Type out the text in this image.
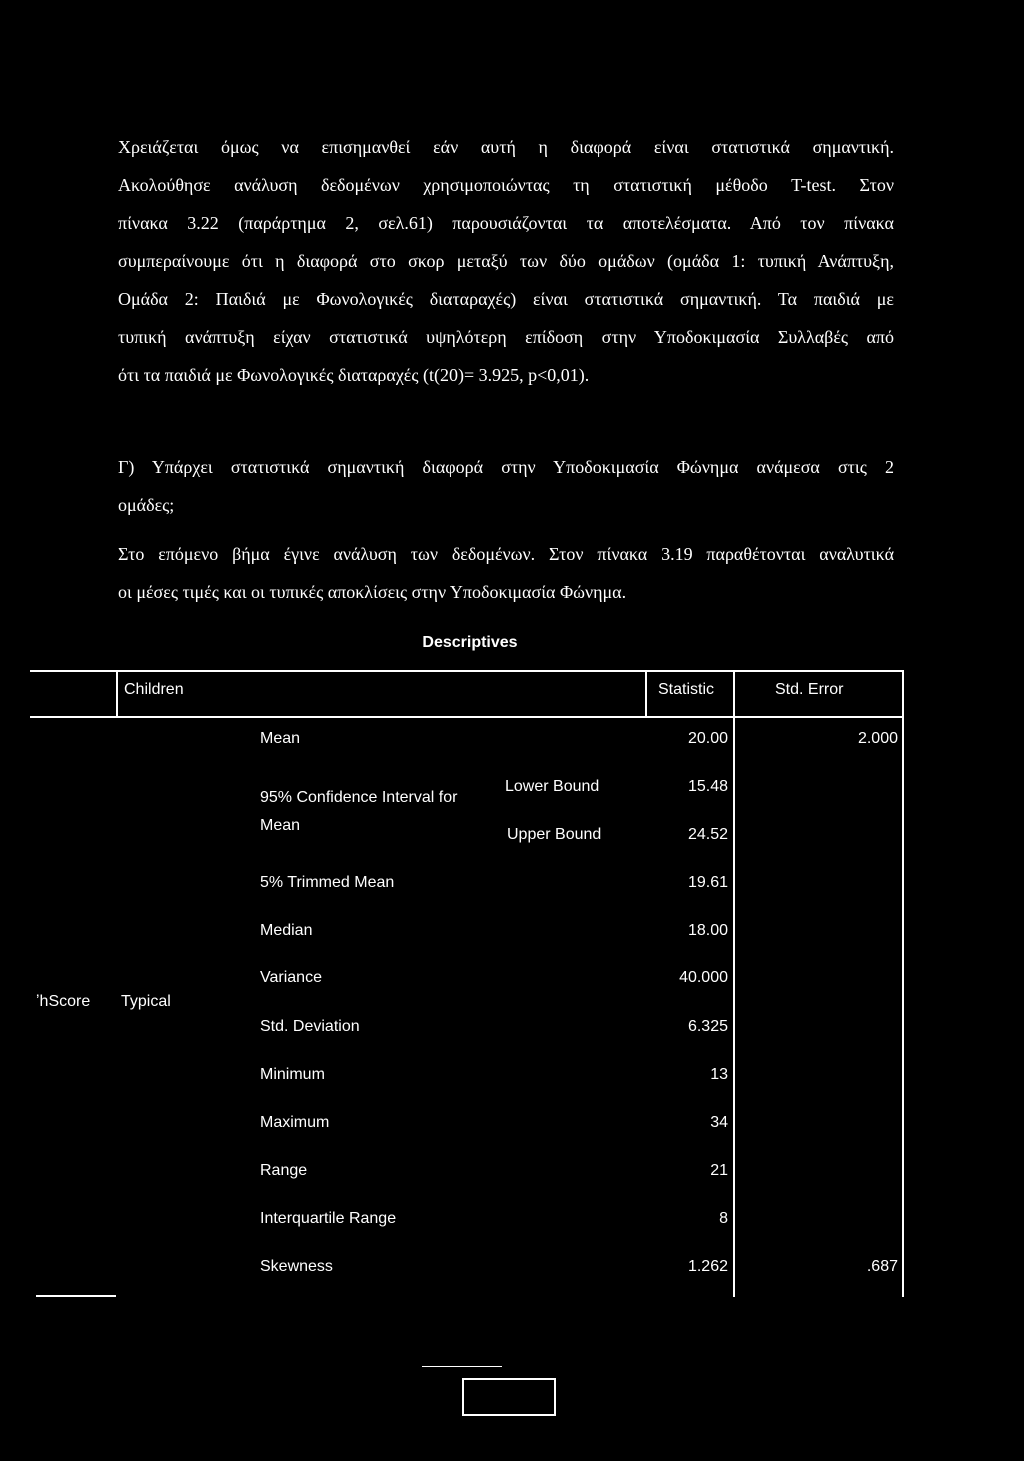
Χρειάζεται όμως να επισημανθεί εάν αυτή η διαφορά είναι στατιστικά σημαντική.
Ακολούθησε ανάλυση δεδομένων χρησιμοποιώντας τη στατιστική μέθοδο T-test. Στον
πίνακα 3.22 (παράρτημα 2, σελ.61) παρουσιάζονται τα αποτελέσματα. Από τον πίνακα
συμπεραίνουμε ότι η διαφορά στο σκορ μεταξύ των δύο ομάδων (ομάδα 1: τυπική Ανάπτυξη,
Ομάδα 2: Παιδιά με Φωνολογικές διαταραχές) είναι στατιστικά σημαντική. Τα παιδιά με
τυπική ανάπτυξη είχαν στατιστικά υψηλότερη επίδοση στην Υποδοκιμασία Συλλαβές από
ότι τα παιδιά με Φωνολογικές διαταραχές (t(20)= 3.925, p<0,01).
Γ) Υπάρχει στατιστικά σημαντική διαφορά στην Υποδοκιμασία Φώνημα ανάμεσα στις 2
ομάδες;
Στο επόμενο βήμα έγινε ανάλυση των δεδομένων. Στον πίνακα 3.19 παραθέτονται αναλυτικά
οι μέσες τιμές και οι τυπικές αποκλίσεις στην Υποδοκιμασία Φώνημα.
Descriptives
Children	Statistic	Std. Error
ʼhScore Typical
Mean	20.00	2.000
95% Confidence Interval for
Mean
Lower Bound	15.48
Upper Bound	24.52
5% Trimmed Mean	19.61
Median	18.00
Variance	40.000
Std. Deviation	6.325
Minimum	13
Maximum	34
Range	21
Interquartile Range	8
Skewness	1.262	.687
